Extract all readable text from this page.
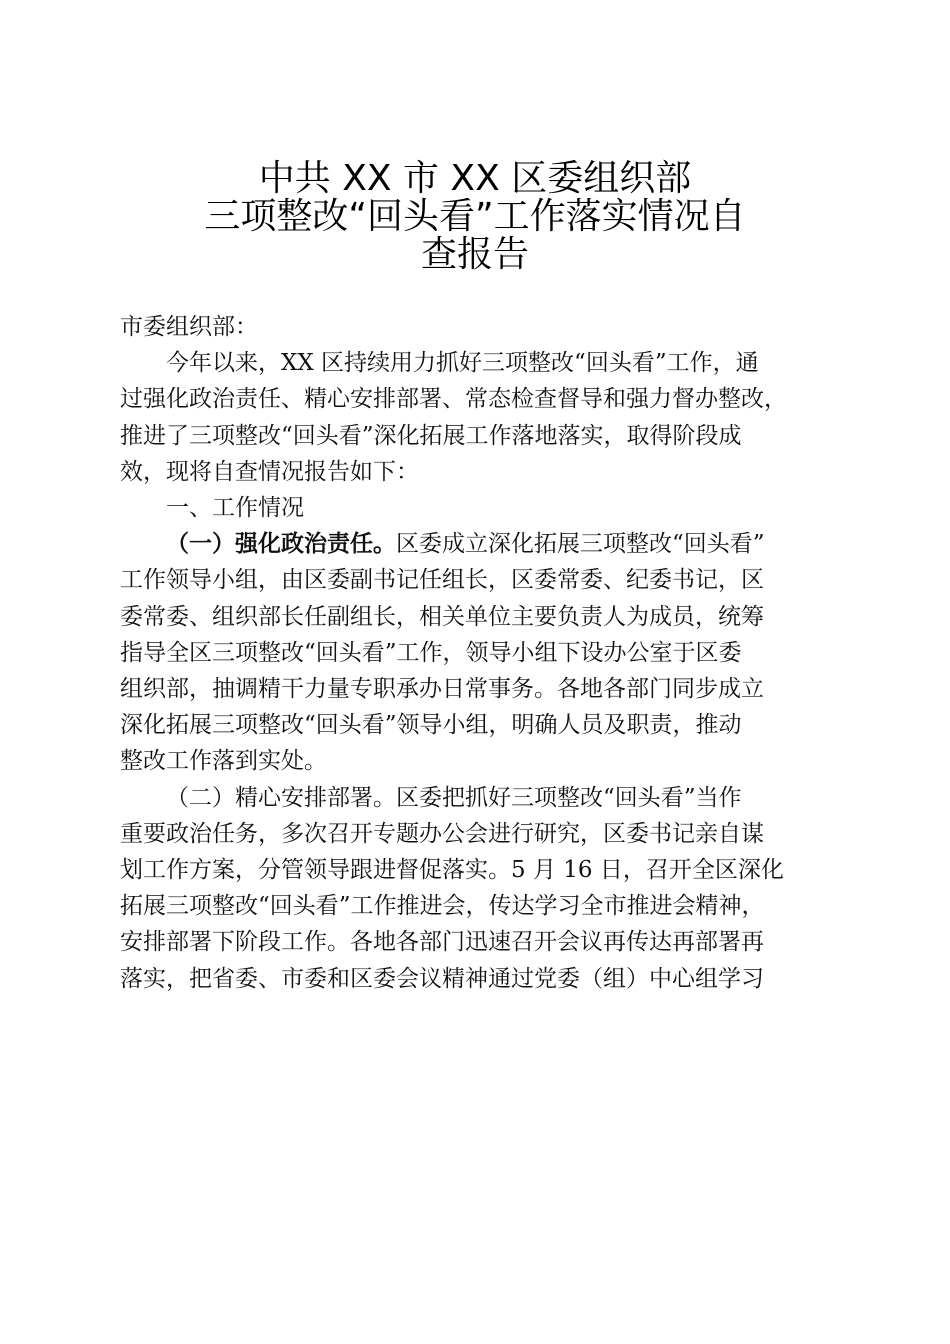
中共 XX 市 XX 区委组织部
三项整改“回头看”工作落实情况自
查报告
市委组织部：
今年以来，XX 区持续用力抓好三项整改“回头看”工作，通
过强化政治责任、精心安排部署、常态检查督导和强力督办整改，
推进了三项整改“回头看”深化拓展工作落地落实，取得阶段成
效，现将自查情况报告如下：
一、工作情况
（一）强化政治责任。区委成立深化拓展三项整改“回头看”
工作领导小组，由区委副书记任组长，区委常委、纪委书记，区
委常委、组织部长任副组长，相关单位主要负责人为成员，统筹
指导全区三项整改“回头看”工作，领导小组下设办公室于区委
组织部，抽调精干力量专职承办日常事务。各地各部门同步成立
深化拓展三项整改“回头看”领导小组，明确人员及职责，推动
整改工作落到实处。
（二）精心安排部署。区委把抓好三项整改“回头看”当作
重要政治任务，多次召开专题办公会进行研究，区委书记亲自谋
划工作方案，分管领导跟进督促落实。5 月 16 日，召开全区深化
拓展三项整改“回头看”工作推进会，传达学习全市推进会精神，
安排部署下阶段工作。各地各部门迅速召开会议再传达再部署再
落实，把省委、市委和区委会议精神通过党委（组）中心组学习
